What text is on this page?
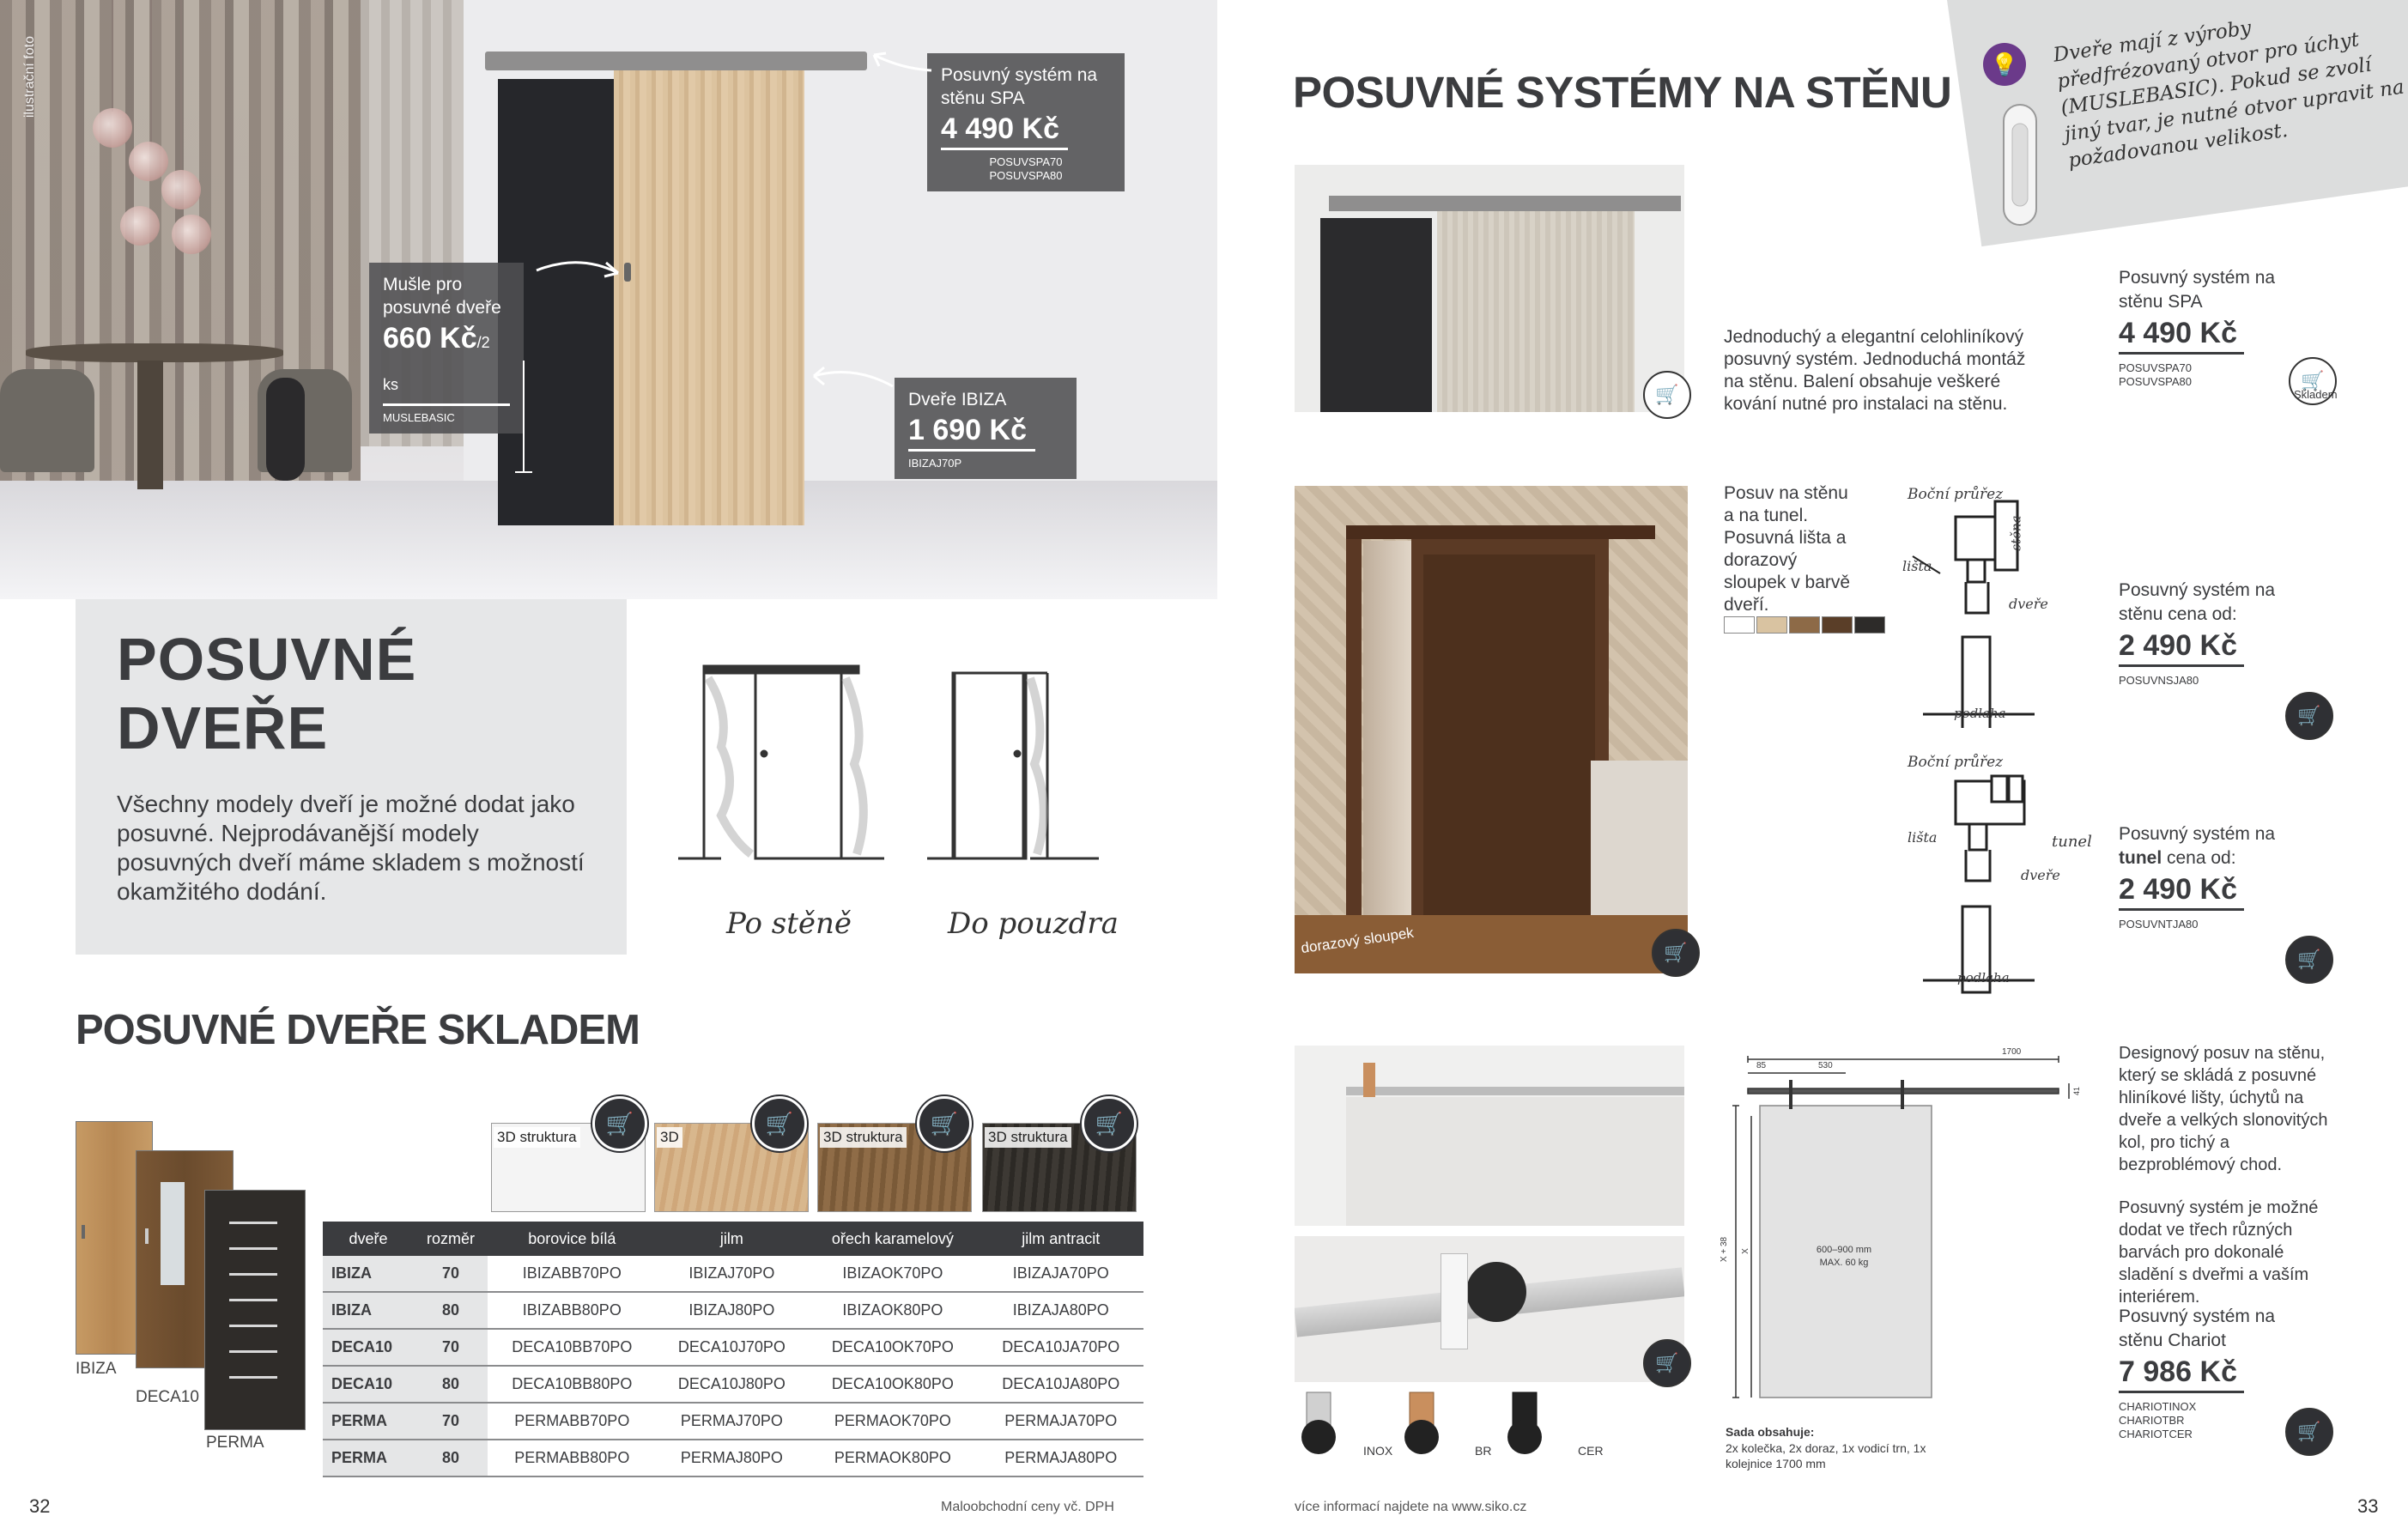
ilustrační foto	Posuvný systém na stěnu SPA
4 490 Kč
POSUVSPA70
POSUVSPA80
Mušle pro posuvné dveře
660 Kč/2 ks
MUSLEBASIC
Dveře IBIZA
1 690 Kč
IBIZAJ70P
POSUVNÉ
DVEŘE
Všechny modely dveří je možné dodat jako posuvné. Nejprodávanější modely posuvných dveří máme skladem s možností okamžitého dodání.
Po stěně	Do pouzdra
POSUVNÉ DVEŘE SKLADEM
IBIZA
DECA10
PERMA
3D struktura	3D	3D struktura	3D struktura
🛒	🛒	🛒	🛒
dveře	rozměr	borovice bílá	jilm	ořech karamelový	jilm antracit
IBIZA	70	IBIZABB70PO	IBIZAJ70PO	IBIZAOK70PO	IBIZAJA70PO
IBIZA	80	IBIZABB80PO	IBIZAJ80PO	IBIZAOK80PO	IBIZAJA80PO
DECA10	70	DECA10BB70PO	DECA10J70PO	DECA10OK70PO	DECA10JA70PO
DECA10	80	DECA10BB80PO	DECA10J80PO	DECA10OK80PO	DECA10JA80PO
PERMA	70	PERMABB70PO	PERMAJ70PO	PERMAOK70PO	PERMAJA70PO
PERMA	80	PERMABB80PO	PERMAJ80PO	PERMAOK80PO	PERMAJA80PO
32	Maloobchodní ceny vč. DPH
POSUVNÉ SYSTÉMY NA STĚNU
💡	Dveře mají z výroby předfrézovaný otvor pro úchyt (MUSLEBASIC). Pokud se zvolí jiný tvar, je nutné otvor upravit na požadovanou velikost.
Jednoduchý a elegantní celohliníkový posuvný systém. Jednoduchá montáž na stěnu. Balení obsahuje veškeré kování nutné pro instalaci na stěnu.
🛒
Posuvný systém na stěnu SPA
4 490 Kč
POSUVSPA70
POSUVSPA80	🛒
Skladem
dorazový sloupek	🛒
Posuv na stěnu a na tunel. Posuvná lišta a dorazový sloupek v barvě dveří.
Boční průřez
lišta
stěna
dveře
podlaha
Boční průřez
lišta	tunel
dveře
podlaha
Posuvný systém na stěnu cena od:
2 490 Kč
POSUVNSJA80
🛒
Posuvný systém na tunel cena od:
2 490 Kč
POSUVNTJA80
🛒
🛒
INOX	BR	CER
1700
85	530
600–900 mm
MAX. 60 kg
X + 38 X
41
Sada obsahuje:
2x kolečka, 2x doraz, 1x vodicí trn, 1x kolejnice 1700 mm
Designový posuv na stěnu, který se skládá z posuvné hliníkové lišty, úchytů na dveře a velkých slonovitých kol, pro tichý a bezproblémový chod.
Posuvný systém je možné dodat ve třech různých barvách pro dokonalé sladění s dveřmi a vaším interiérem.
Posuvný systém na stěnu Chariot
7 986 Kč
CHARIOTINOX
CHARIOTBR
CHARIOTCER	🛒
více informací najdete na www.siko.cz	33
